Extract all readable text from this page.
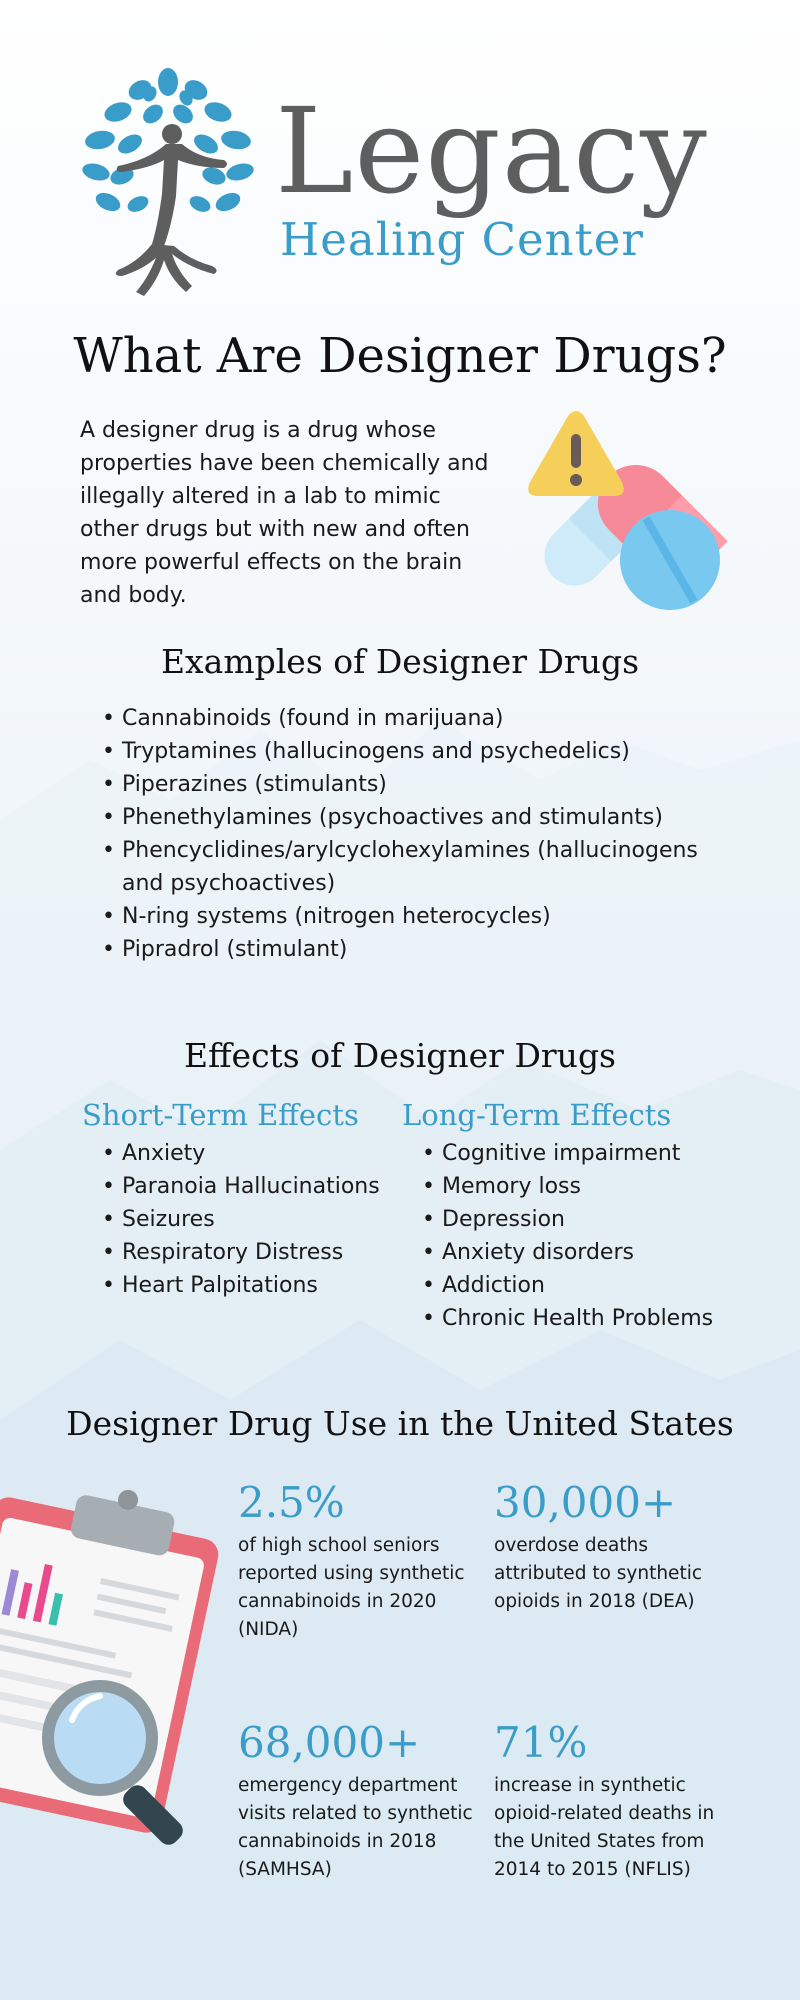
Legacy
Healing Center
What Are Designer Drugs?
A designer drug is a drug whose properties have been chemically and illegally altered in a lab to mimic other drugs but with new and often more powerful effects on the brain and body.
Examples of Designer Drugs
• Cannabinoids (found in marijuana)
• Tryptamines (hallucinogens and psychedelics)
• Piperazines (stimulants)
• Phenethylamines (psychoactives and stimulants)
• Phencyclidines/arylcyclohexylamines (hallucinogens and psychoactives)
• N-ring systems (nitrogen heterocycles)
• Pipradrol (stimulant)
Effects of Designer Drugs
Short-Term Effects	Long-Term Effects
• Anxiety
• Paranoia Hallucinations
• Seizures
• Respiratory Distress
• Heart Palpitations
• Cognitive impairment
• Memory loss
• Depression
• Anxiety disorders
• Addiction
• Chronic Health Problems
Designer Drug Use in the United States
2.5%
of high school seniors reported using synthetic cannabinoids in 2020 (NIDA)
30,000+
overdose deaths attributed to synthetic opioids in 2018 (DEA)
68,000+
emergency department visits related to synthetic cannabinoids in 2018 (SAMHSA)
71%
increase in synthetic opioid-related deaths in the United States from 2014 to 2015 (NFLIS)
